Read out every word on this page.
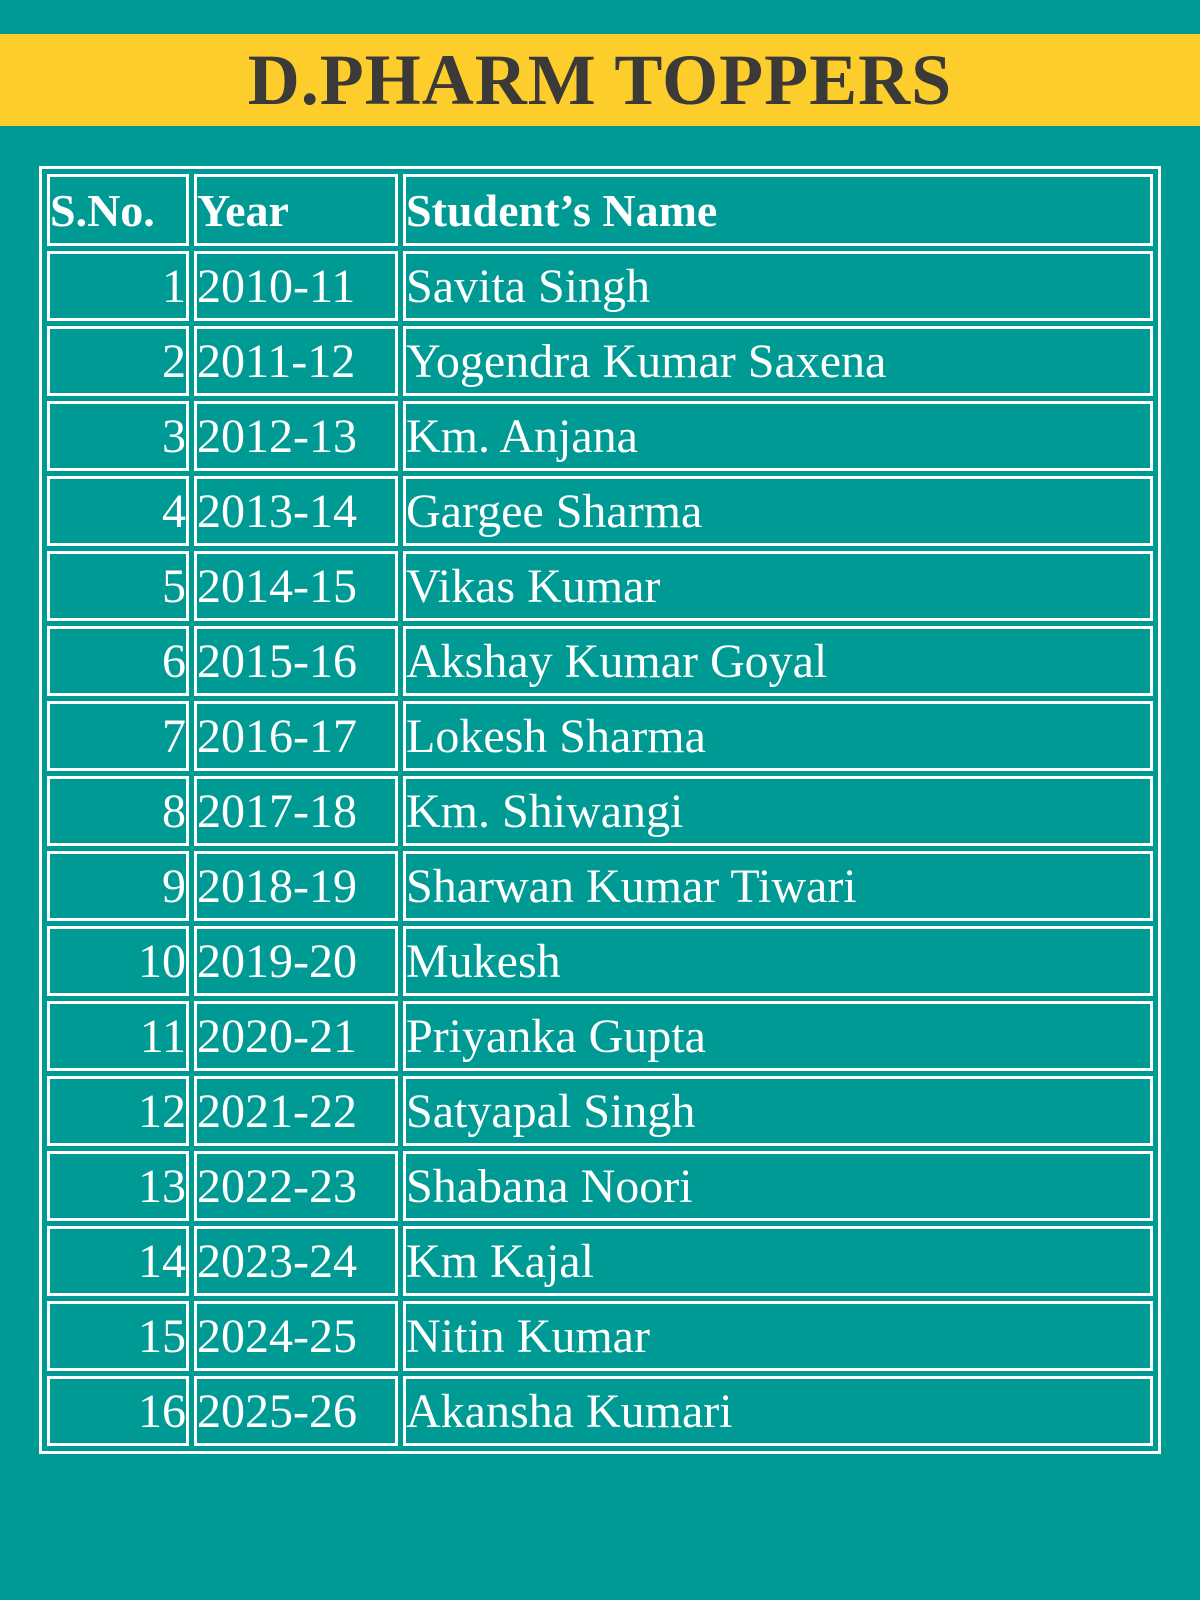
D.PHARM TOPPERS
S.No.	Year	Student’s Name
1	2010-11	Savita Singh
2	2011-12	Yogendra Kumar Saxena
3	2012-13	Km. Anjana
4	2013-14	Gargee Sharma
5	2014-15	Vikas Kumar
6	2015-16	Akshay Kumar Goyal
7	2016-17	Lokesh Sharma
8	2017-18	Km. Shiwangi
9	2018-19	Sharwan Kumar Tiwari
10	2019-20	Mukesh
11	2020-21	Priyanka Gupta
12	2021-22	Satyapal Singh
13	2022-23	Shabana Noori
14	2023-24	Km Kajal
15	2024-25	Nitin Kumar
16	2025-26	Akansha Kumari
